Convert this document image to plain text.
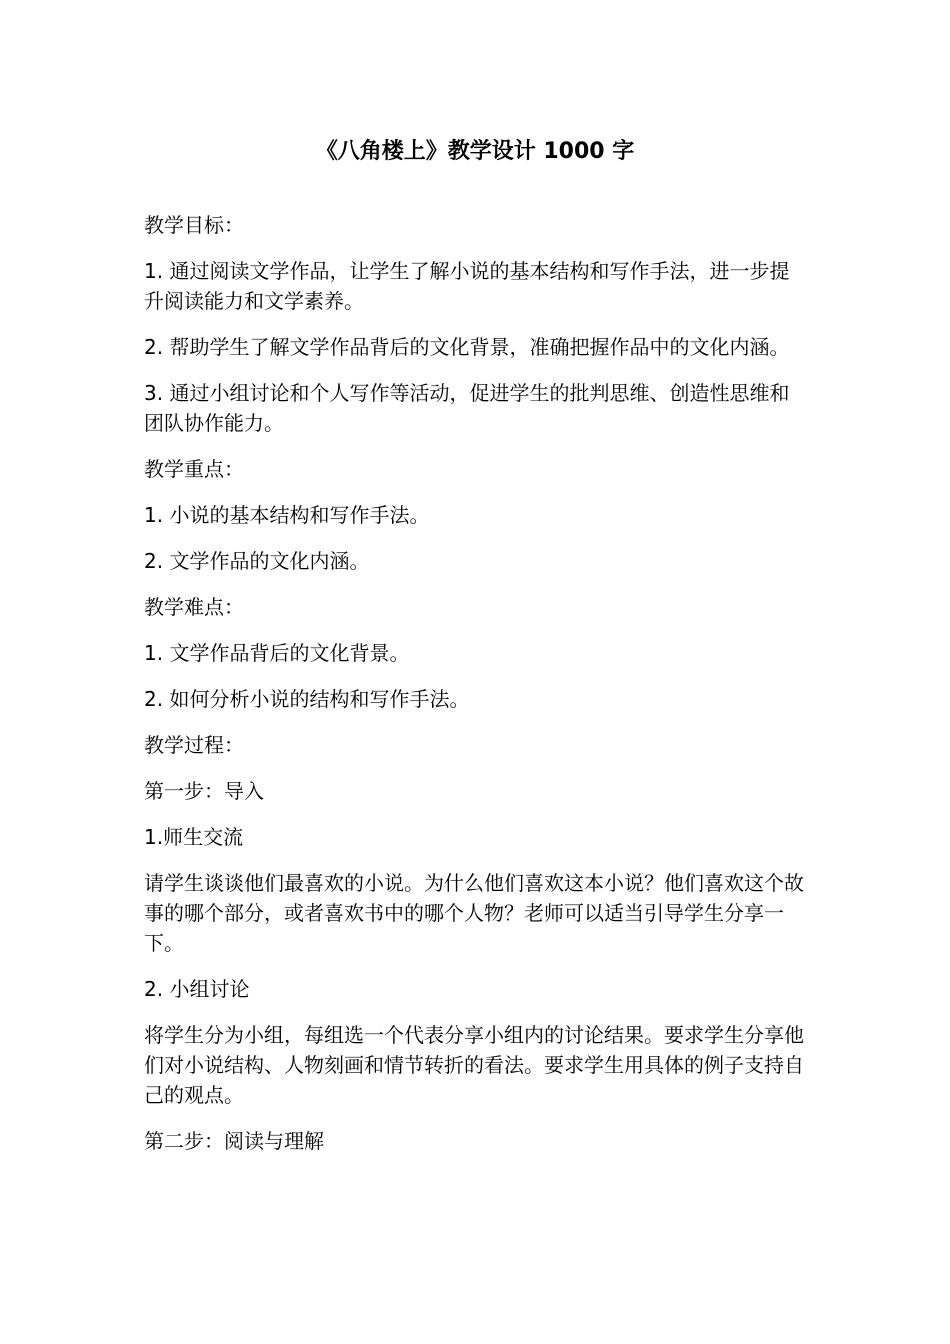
《八角楼上》教学设计 1000 字

教学目标：

1. 通过阅读文学作品，让学生了解小说的基本结构和写作手法，进一步提升阅读能力和文学素养。

2. 帮助学生了解文学作品背后的文化背景，准确把握作品中的文化内涵。

3. 通过小组讨论和个人写作等活动，促进学生的批判思维、创造性思维和团队协作能力。

教学重点：

1. 小说的基本结构和写作手法。

2. 文学作品的文化内涵。

教学难点：

1. 文学作品背后的文化背景。

2. 如何分析小说的结构和写作手法。

教学过程：

第一步：导入

1.师生交流

请学生谈谈他们最喜欢的小说。为什么他们喜欢这本小说？他们喜欢这个故事的哪个部分，或者喜欢书中的哪个人物？老师可以适当引导学生分享一下。

2. 小组讨论

将学生分为小组，每组选一个代表分享小组内的讨论结果。要求学生分享他们对小说结构、人物刻画和情节转折的看法。要求学生用具体的例子支持自己的观点。

第二步：阅读与理解
